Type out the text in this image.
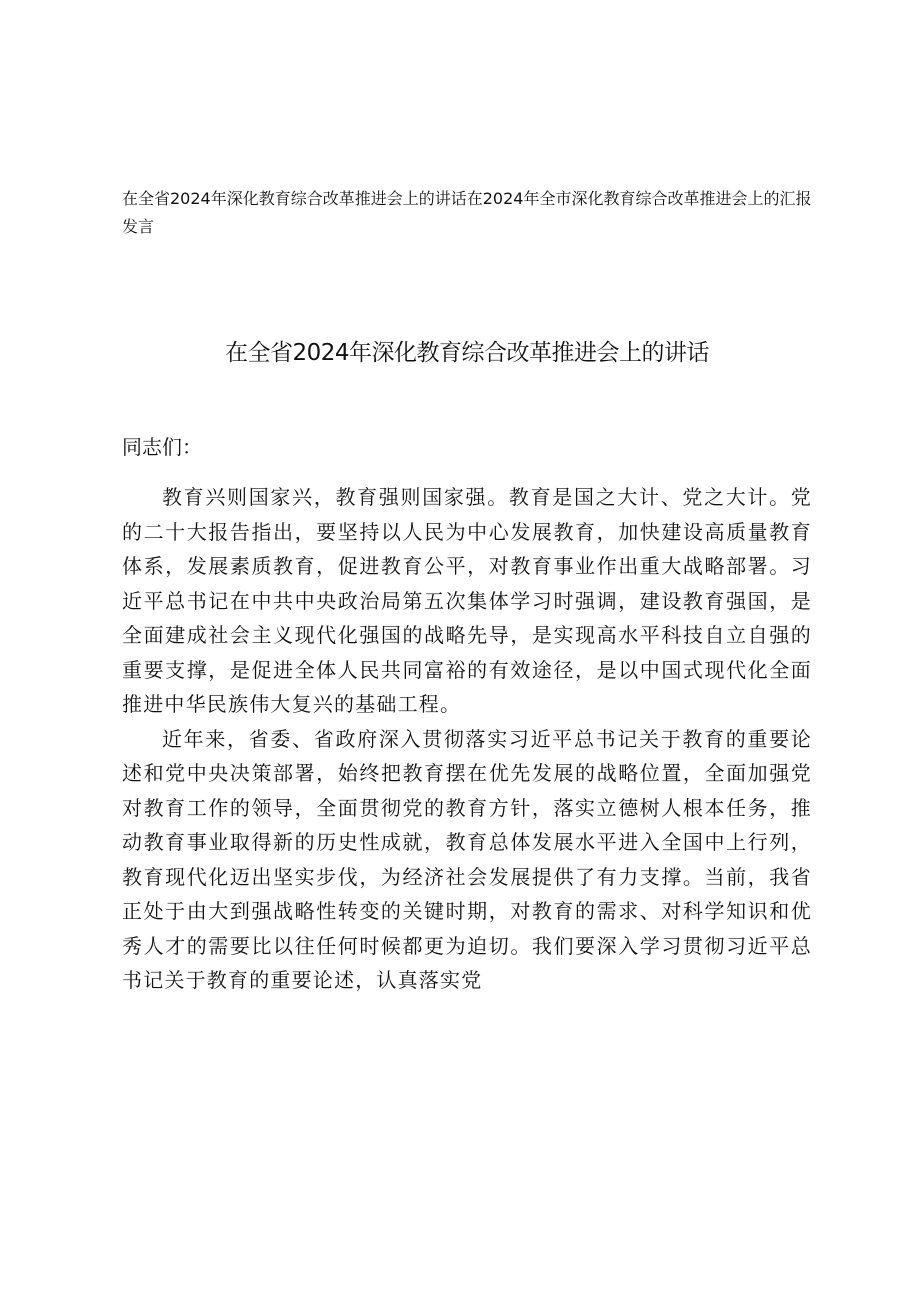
在全省2024年深化教育综合改革推进会上的讲话在2024年全市深化教育综合改革推进会上的汇报发言
在全省2024年深化教育综合改革推进会上的讲话
同志们：

教育兴则国家兴，教育强则国家强。教育是国之大计、党之大计。党的二十大报告指出，要坚持以人民为中心发展教育，加快建设高质量教育体系，发展素质教育，促进教育公平，对教育事业作出重大战略部署。习近平总书记在中共中央政治局第五次集体学习时强调，建设教育强国，是全面建成社会主义现代化强国的战略先导，是实现高水平科技自立自强的重要支撑，是促进全体人民共同富裕的有效途径，是以中国式现代化全面推进中华民族伟大复兴的基础工程。

近年来，省委、省政府深入贯彻落实习近平总书记关于教育的重要论述和党中央决策部署，始终把教育摆在优先发展的战略位置，全面加强党对教育工作的领导，全面贯彻党的教育方针，落实立德树人根本任务，推动教育事业取得新的历史性成就，教育总体发展水平进入全国中上行列，教育现代化迈出坚实步伐，为经济社会发展提供了有力支撑。当前，我省正处于由大到强战略性转变的关键时期，对教育的需求、对科学知识和优秀人才的需要比以往任何时候都更为迫切。我们要深入学习贯彻习近平总书记关于教育的重要论述，认真落实党
